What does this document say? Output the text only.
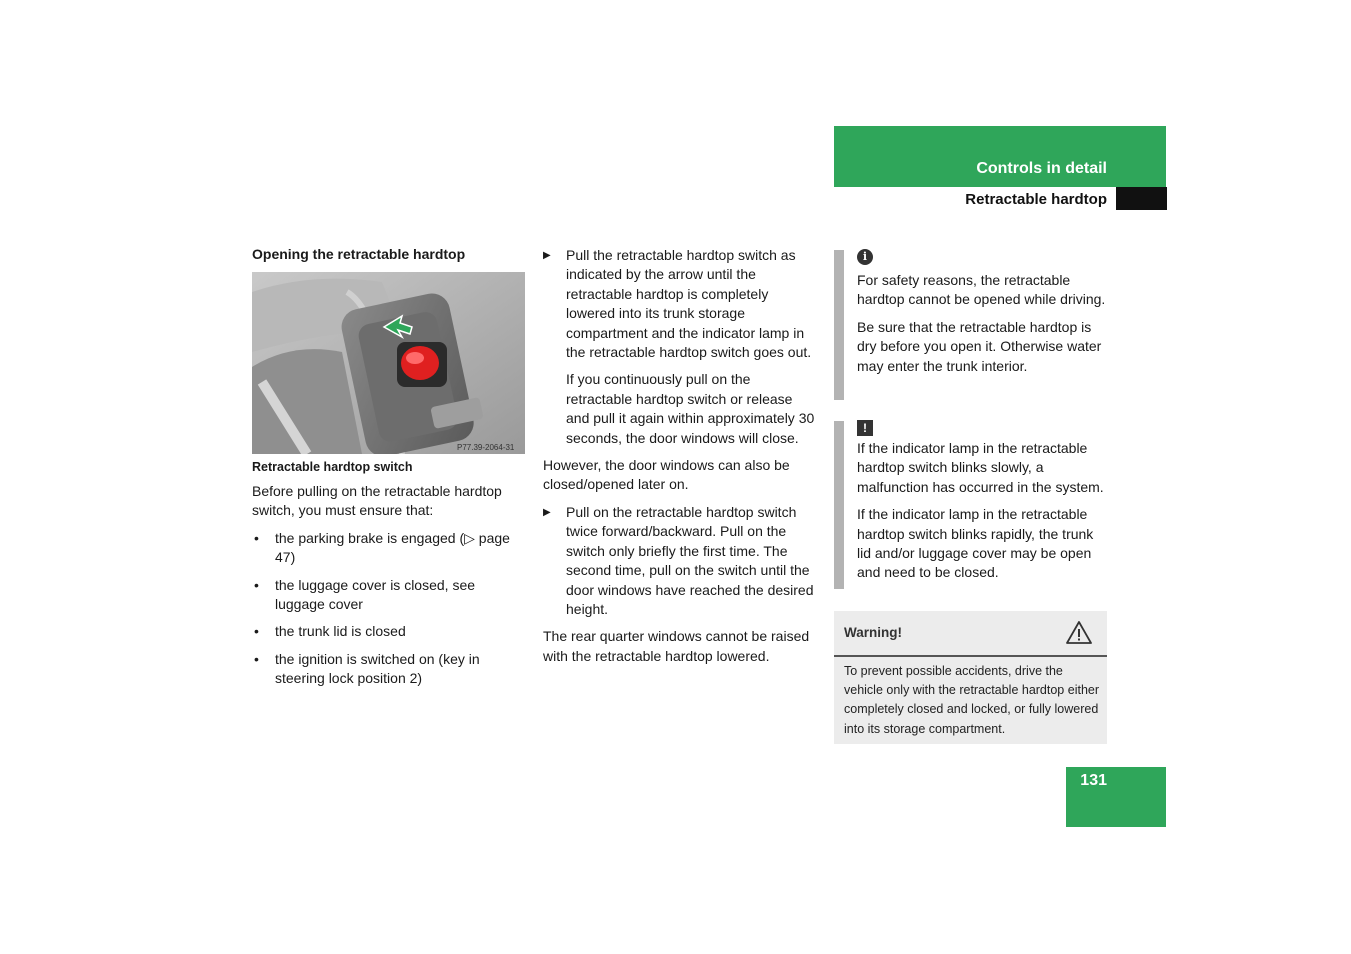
Controls in detail
Retractable hardtop
Opening the retractable hardtop
P77.39-2064-31
Retractable hardtop switch
Before pulling on the retractable hardtop switch, you must ensure that:
• the parking brake is engaged (▷ page 47)
• the luggage cover is closed, see luggage cover
• the trunk lid is closed
• the ignition is switched on (key in steering lock position 2)
▶ Pull the retractable hardtop switch as indicated by the arrow until the retractable hardtop is completely lowered into its trunk storage compartment and the indicator lamp in the retractable hardtop switch goes out.
If you continuously pull on the retractable hardtop switch or release and pull it again within approximately 30 seconds, the door windows will close.
However, the door windows can also be closed/opened later on.
▶ Pull on the retractable hardtop switch twice forward/backward. Pull on the switch only briefly the first time. The second time, pull on the switch until the door windows have reached the desired height.
The rear quarter windows cannot be raised with the retractable hardtop lowered.
i
For safety reasons, the retractable hardtop cannot be opened while driving.
Be sure that the retractable hardtop is dry before you open it. Otherwise water may enter the trunk interior.
!
If the indicator lamp in the retractable hardtop switch blinks slowly, a malfunction has occurred in the system.
If the indicator lamp in the retractable hardtop switch blinks rapidly, the trunk lid and/or luggage cover may be open and need to be closed.
Warning!
To prevent possible accidents, drive the vehicle only with the retractable hardtop either completely closed and locked, or fully lowered into its storage compartment.
131
